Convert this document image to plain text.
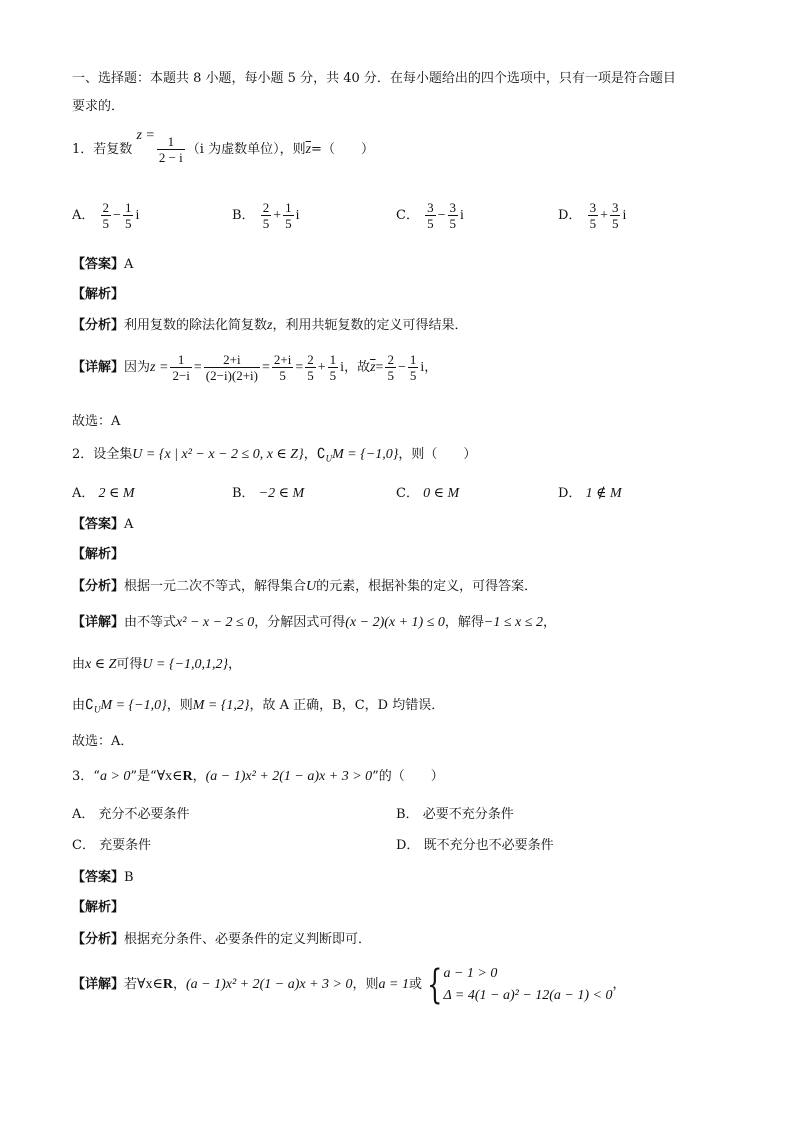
一、选择题：本题共 8 小题，每小题 5 分，共 40 分．在每小题给出的四个选项中，只有一项是符合题目
要求的．
1．若复数 $z = \frac{1}{2 - i} (i$ 为虚数单位），则$\overline{z}=$（　　）
A． $\frac{2}{5} - \frac{1}{5}$ i	B． $\frac{2}{5} + \frac{1}{5}$ i	C． $\frac{3}{5} - \frac{3}{5}$ i	D． $\frac{3}{5} + \frac{3}{5}$ i
【答案】A
【解析】
【分析】利用复数的除法化简复数z，利用共轭复数的定义可得结果．
【详解】因为$z = \frac{1}{2-i} = \frac{2+i}{(2-i)(2+i)} = \frac{2+i}{5} = \frac{2}{5} + \frac{1}{5}$ i，故$\overline{z}= \frac{2}{5} - \frac{1}{5}$ i，
故选：A
2．设全集U = {x | x² − x − 2 ≤ 0, x ∈ Z}，$∁_UM = \{-1,0\}$，则（　　）
A． 2 ∈ M	B． −2 ∈ M	C． 0 ∈ M	D． 1 ∉ M
【答案】A
【解析】
【分析】根据一元二次不等式，解得集合U的元素，根据补集的定义，可得答案．
【详解】由不等式x² − x − 2 ≤ 0，分解因式可得(x − 2)(x + 1) ≤ 0，解得−1 ≤ x ≤ 2，
由x ∈ Z可得U = {−1,0,1,2}，
由$∁_UM = \{-1,0\}$，则M = {1,2}，故 A 正确，B，C，D 均错误．
故选：A．
3．“a > 0”是“∀x∈R，(a − 1)x² + 2(1 − a)x + 3 > 0”的（　　）
A． 充分不必要条件	B． 必要不充分条件
C． 充要条件	D． 既不充分也不必要条件
【答案】B
【解析】
【分析】根据充分条件、必要条件的定义判断即可．
【详解】若∀x∈R，(a − 1)x² + 2(1 − a)x + 3 > 0，则a = 1或 { a − 1 > 0
Δ = 4(1 − a)² − 12(a − 1) < 0
，
